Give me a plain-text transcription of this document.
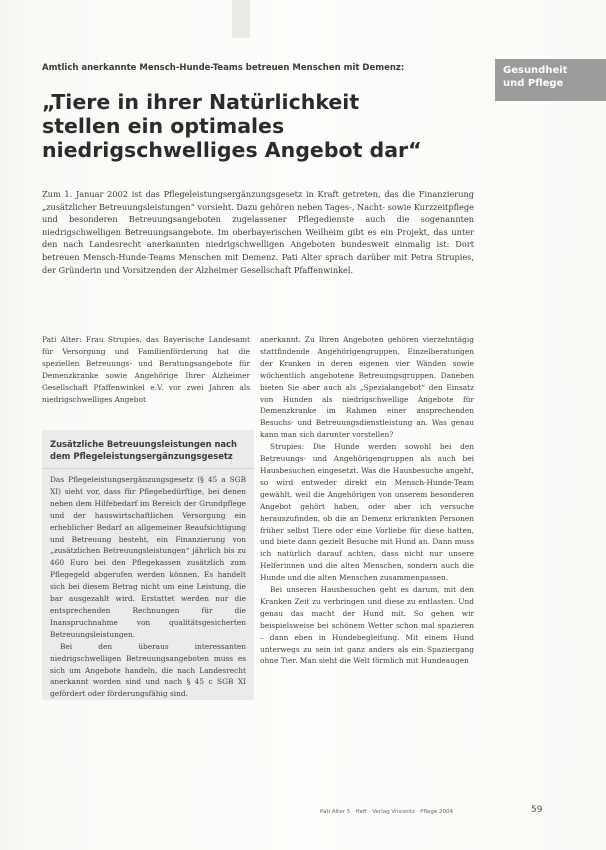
Gesundheit
und Pflege
Amtlich anerkannte Mensch-Hunde-Teams betreuen Menschen mit Demenz:
„Tiere in ihrer Natürlichkeit
stellen ein optimales
niedrigschwelliges Angebot dar“

Zum 1. Januar 2002 ist das Pflegeleistungsergänzungsgesetz in Kraft getreten, das die Finanzierung „zusätzlicher Betreuungsleistungen“ vorsieht. Dazu gehören neben Tages-, Nacht- sowie Kurzzeitpflege und besonderen Betreuungsangeboten zugelassener Pflegedienste auch die sogenannten niedrigschwelligen Betreuungsangebote. Im oberbayerischen Weilheim gibt es ein Projekt, das unter den nach Landesrecht anerkannten niedrigschwelligen Angeboten bundesweit einmalig ist: Dort betreuen Mensch-Hunde-Teams Menschen mit Demenz. Pati Alter sprach darüber mit Petra Strupies, der Gründerin und Vorsitzenden der Alzheimer Gesellschaft Pfaffenwinkel.

Pati Alter: Frau Strupies, das Bayerische Landesamt für Versorgung und Familienförderung hat die speziellen Betreuungs- und Beratungsangebote für Demenzkranke sowie Angehörige Ihrer Alzheimer Gesellschaft Pfaffenwinkel e.V. vor zwei Jahren als niedrigschwelliges Angebot

Zusätzliche Betreuungsleistungen nach dem Pflegeleistungsergänzungsgesetz

Das Pflegeleistungsergänzungsgesetz (§ 45 a SGB XI) sieht vor, dass für Pflegebedürftige, bei denen neben dem Hilfebedarf im Bereich der Grundpflege und der hauswirtschaftlichen Versorgung ein erheblicher Bedarf an allgemeiner Beaufsichtigung und Betreuung besteht, ein Finanzierung von „zusätzlichen Betreuungsleistungen“ jährlich bis zu 460 Euro bei den Pflegekassen zusätzlich zum Pflegegeld abgerufen werden können. Es handelt sich bei diesem Betrag nicht um eine Leistung, die bar ausgezahlt wird. Erstattet werden nur die entsprechenden Rechnungen für die Inanspruchnahme von qualitätsgesicherten Betreuungsleistungen.

Bei den überaus interessanten niedrigschwelligen Betreuungsangeboten muss es sich um Angebote handeln, die nach Landesrecht anerkannt worden sind und nach § 45 c SGB XI gefördert oder förderungsfähig sind.

anerkannt. Zu Ihren Angeboten gehören vierzehntägig stattfindende Angehörigengruppen, Einzelberatungen der Kranken in deren eigenen vier Wänden sowie wöchentlich angebotene Betreuungsgruppen. Daneben bieten Sie aber auch als „Spezialangebot“ den Einsatz von Hunden als niedrigschwellige Angebote für Demenzkranke im Rahmen einer ansprechenden Besuchs- und Betreuungsdienstleistung an. Was genau kann man sich darunter vorstellen?

Strupies: Die Hunde werden sowohl bei den Betreuungs- und Angehörigengruppen als auch bei Hausbesuchen eingesetzt. Was die Hausbesuche angeht, so wird entweder direkt ein Mensch-Hunde-Team gewählt, weil die Angehörigen von unserem besonderen Angebot gehört haben, oder aber ich versuche herauszufinden, ob die an Demenz erkrankten Personen früher selbst Tiere oder eine Vorliebe für diese hatten, und biete dann gezielt Besuche mit Hund an. Dann muss ich natürlich darauf achten, dass nicht nur unsere Helferinnen und die alten Menschen, sondern auch die Hunde und die alten Menschen zusammenpassen.

Bei unseren Hausbesuchen geht es darum, mit den Kranken Zeit zu verbringen und diese zu entlasten. Und genau das macht der Hund mit. So gehen wir beispielsweise bei schönem Wetter schon mal spazieren – dann eben in Hundebegleitung. Mit einem Hund unterwegs zu sein ist ganz anders als ein Spaziergang ohne Tier. Man sieht die Welt förmlich mit Hundeaugen

Pati Alter 5 · Heft · Verlag Vincentz · Pflege 2004	59
